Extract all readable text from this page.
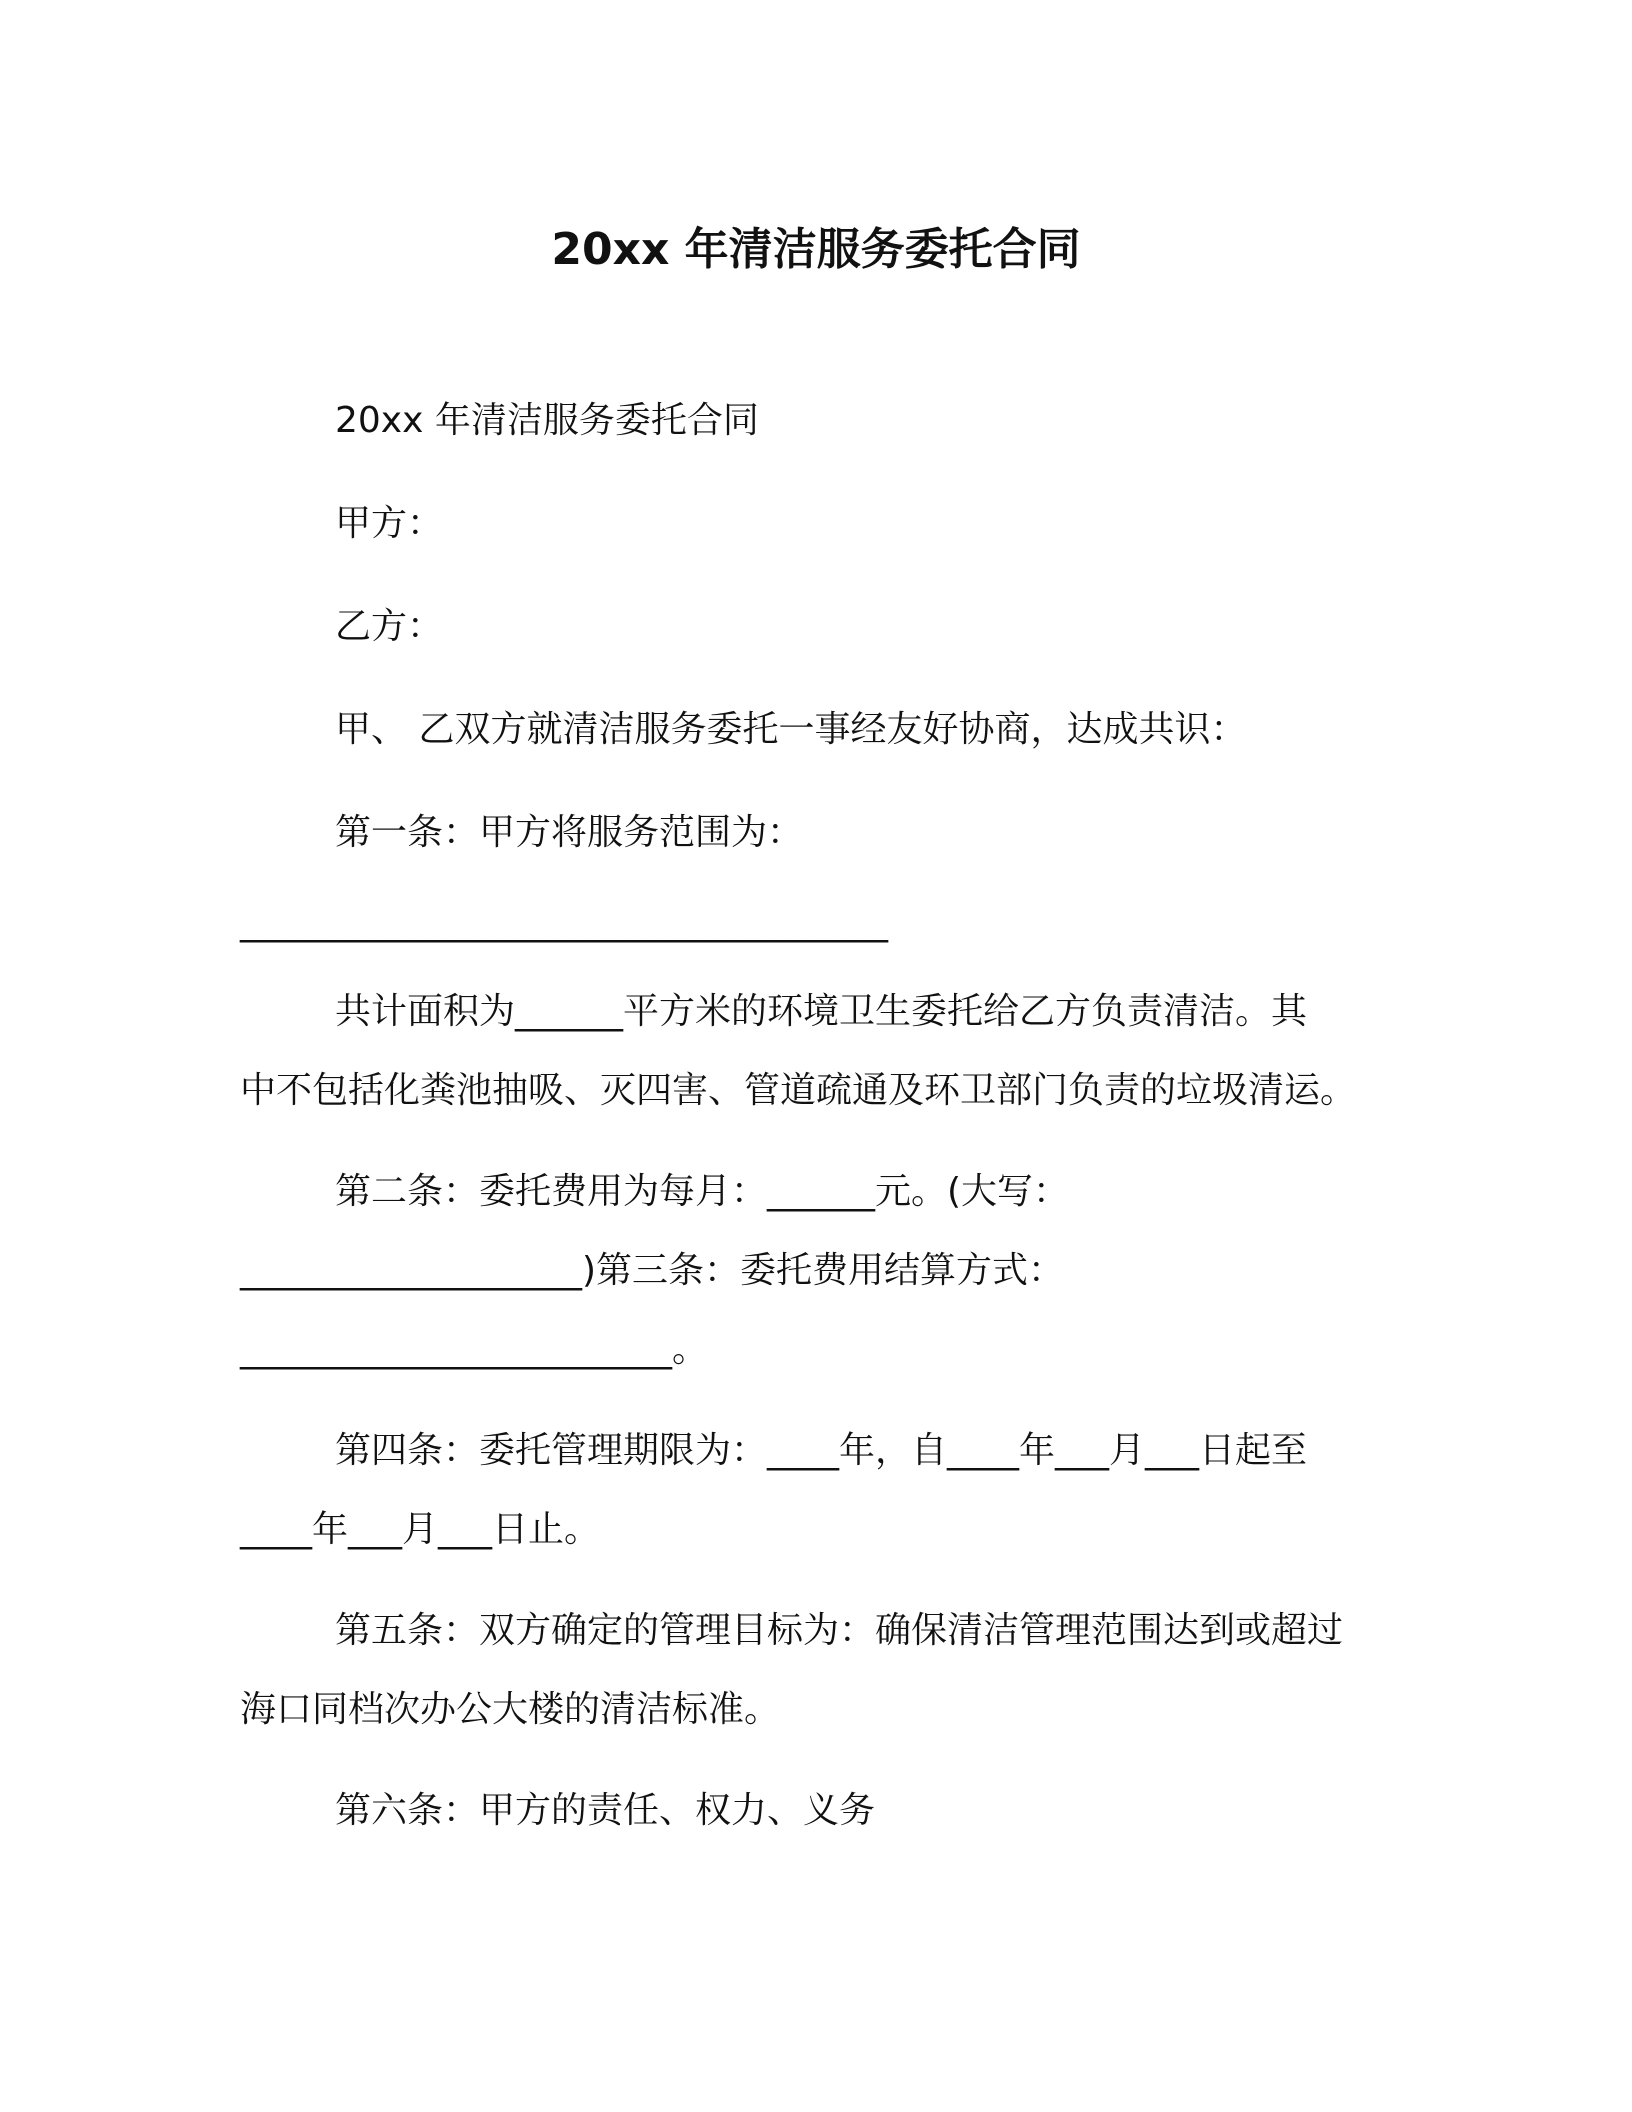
20xx 年清洁服务委托合同
20xx 年清洁服务委托合同
甲方：
乙方：
甲、 乙双方就清洁服务委托一事经友好协商，达成共识：
第一条：甲方将服务范围为：
____________________________________
共计面积为______平方米的环境卫生委托给乙方负责清洁。其
中不包括化粪池抽吸、灭四害、管道疏通及环卫部门负责的垃圾清运。
第二条：委托费用为每月：______元。(大写：
___________________)第三条：委托费用结算方式：
________________________。
第四条：委托管理期限为：____年，自____年___月___日起至
____年___月___日止。
第五条：双方确定的管理目标为：确保清洁管理范围达到或超过
海口同档次办公大楼的清洁标准。
第六条：甲方的责任、权力、义务
